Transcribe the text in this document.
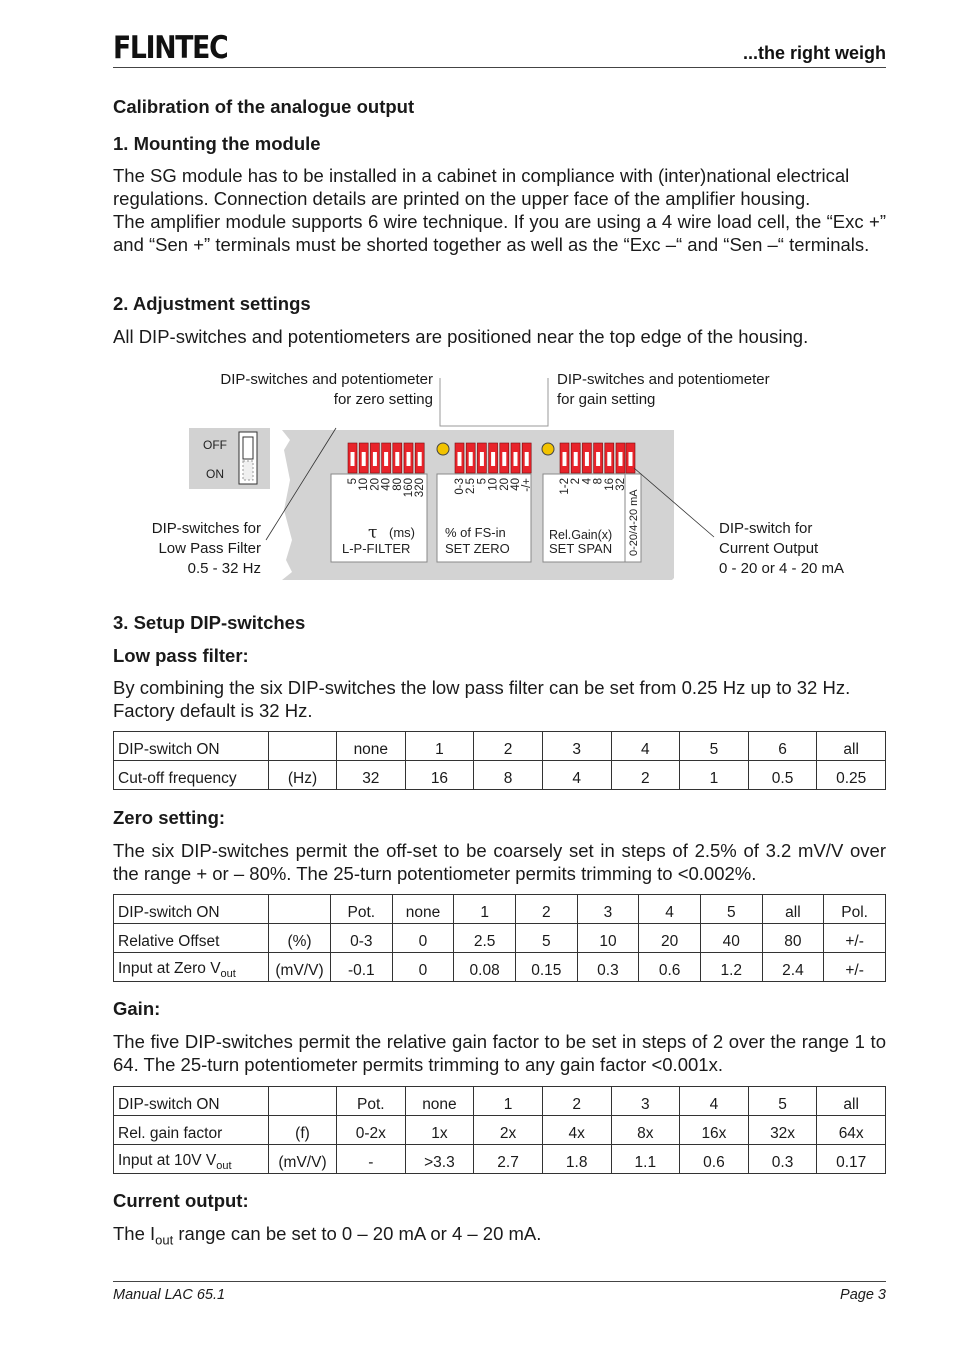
FLINTEC	...the right weigh
Calibration of the analogue output
1. Mounting the module

The SG module has to be installed in a cabinet in compliance with (inter)national electrical regulations. Connection details are printed on the upper face of the amplifier housing.

The amplifier module supports 6 wire technique. If you are using a 4 wire load cell, the “Exc +” and “Sen +” terminals must be shorted together as well as the “Exc –“ and “Sen –“ terminals.

2. Adjustment settings

All DIP-switches and potentiometers are positioned near the top edge of the housing.

DIP-switches and potentiometer
for zero setting
DIP-switches and potentiometer
for gain setting
DIP-switches for
Low Pass Filter
0.5 - 32 Hz
DIP-switch for
Current Output
0 - 20 or 4 - 20 mA
OFF
ON
5 10 20 40 80 160 320 0-3 2.5 5 10 20 40 -/+ 1-2 2 4 8 16 32
τ (ms)
L-P-FILTER
% of FS-in
SET ZERO
Rel.Gain(x)
SET SPAN 0-20/4-20 mA
3. Setup DIP-switches
Low pass filter:

By combining the six DIP-switches the low pass filter can be set from 0.25 Hz up to 32 Hz. Factory default is 32 Hz.

DIP-switch ON		none	1	2	3	4	5	6	all
Cut-off frequency	(Hz)	32	16	8	4	2	1	0.5	0.25
Zero setting:

The six DIP-switches permit the off-set to be coarsely set in steps of 2.5% of 3.2 mV/V over the range + or – 80%. The 25-turn potentiometer permits trimming to <0.002%.

DIP-switch ON		Pot.	none	1	2	3	4	5	all	Pol.
Relative Offset	(%)	0-3	0	2.5	5	10	20	40	80	+/-
Input at Zero $V_{out}$	(mV/V)	-0.1	0	0.08	0.15	0.3	0.6	1.2	2.4	+/-
Gain:

The five DIP-switches permit the relative gain factor to be set in steps of 2 over the range 1 to 64. The 25-turn potentiometer permits trimming to any gain factor <0.001x.

DIP-switch ON		Pot.	none	1	2	3	4	5	all
Rel. gain factor	(f)	0-2x	1x	2x	4x	8x	16x	32x	64x
Input at 10V $V_{out}$	(mV/V)	-	>3.3	2.7	1.8	1.1	0.6	0.3	0.17
Current output:

The $I_{out}$ range can be set to 0 – 20 mA or 4 – 20 mA.

Manual LAC 65.1	Page 3
